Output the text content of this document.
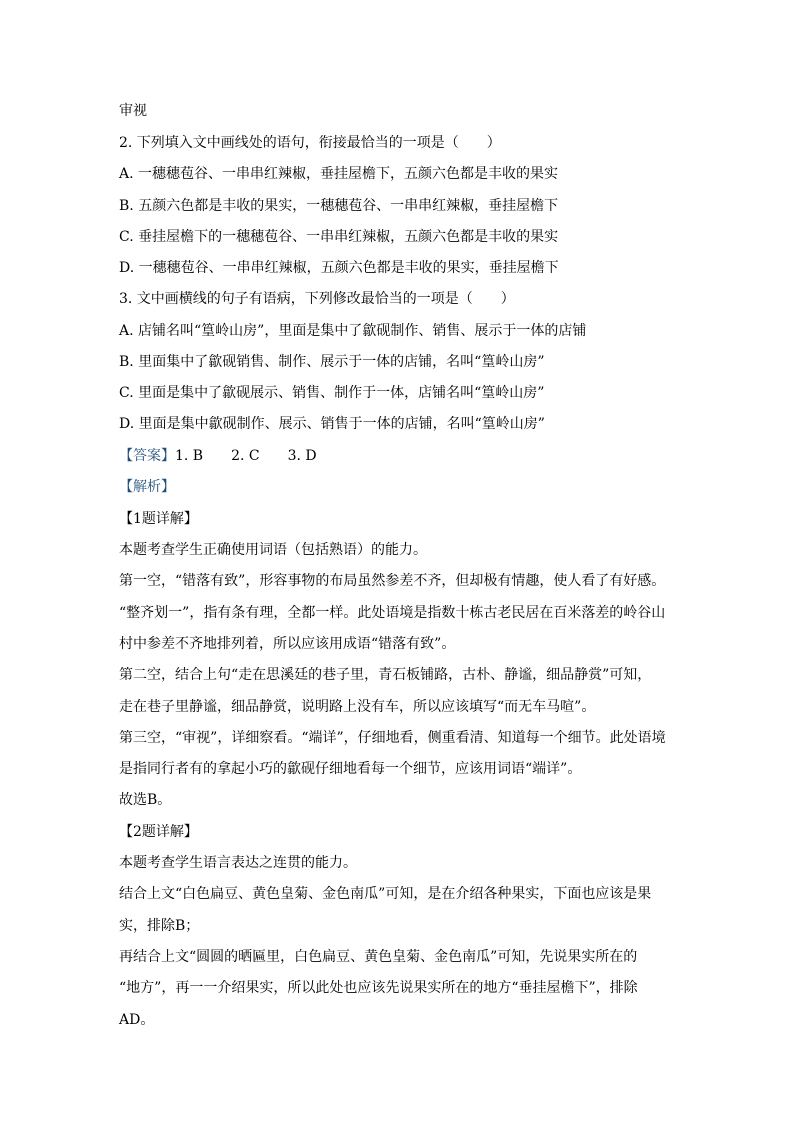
审视
2. 下列填入文中画线处的语句，衔接最恰当的一项是（　　）
A. 一穗穗苞谷、一串串红辣椒，垂挂屋檐下，五颜六色都是丰收的果实
B. 五颜六色都是丰收的果实，一穗穗苞谷、一串串红辣椒，垂挂屋檐下
C. 垂挂屋檐下的一穗穗苞谷、一串串红辣椒，五颜六色都是丰收的果实
D. 一穗穗苞谷、一串串红辣椒，五颜六色都是丰收的果实，垂挂屋檐下
3. 文中画横线的句子有语病，下列修改最恰当的一项是（　　）
A. 店铺名叫“篁岭山房”，里面是集中了歙砚制作、销售、展示于一体的店铺
B. 里面集中了歙砚销售、制作、展示于一体的店铺，名叫“篁岭山房”
C. 里面是集中了歙砚展示、销售、制作于一体，店铺名叫“篁岭山房”
D. 里面是集中歙砚制作、展示、销售于一体的店铺，名叫“篁岭山房”
【答案】1. B　　2. C　　3. D
【解析】
【1题详解】
本题考查学生正确使用词语（包括熟语）的能力。
第一空，“错落有致”，形容事物的布局虽然参差不齐，但却极有情趣，使人看了有好感。
“整齐划一”，指有条有理，全都一样。此处语境是指数十栋古老民居在百米落差的岭谷山
村中参差不齐地排列着，所以应该用成语“错落有致”。
第二空，结合上句“走在思溪廷的巷子里，青石板铺路，古朴、静谧，细品静赏”可知，
走在巷子里静谧，细品静赏，说明路上没有车，所以应该填写“而无车马喧”。
第三空，“审视”，详细察看。“端详”，仔细地看，侧重看清、知道每一个细节。此处语境
是指同行者有的拿起小巧的歙砚仔细地看每一个细节，应该用词语“端详”。
故选B。
【2题详解】
本题考查学生语言表达之连贯的能力。
结合上文“白色扁豆、黄色皇菊、金色南瓜”可知，是在介绍各种果实，下面也应该是果
实，排除B；
再结合上文“圆圆的晒匾里，白色扁豆、黄色皇菊、金色南瓜”可知，先说果实所在的
“地方”，再一一介绍果实，所以此处也应该先说果实所在的地方“垂挂屋檐下”，排除
AD。
